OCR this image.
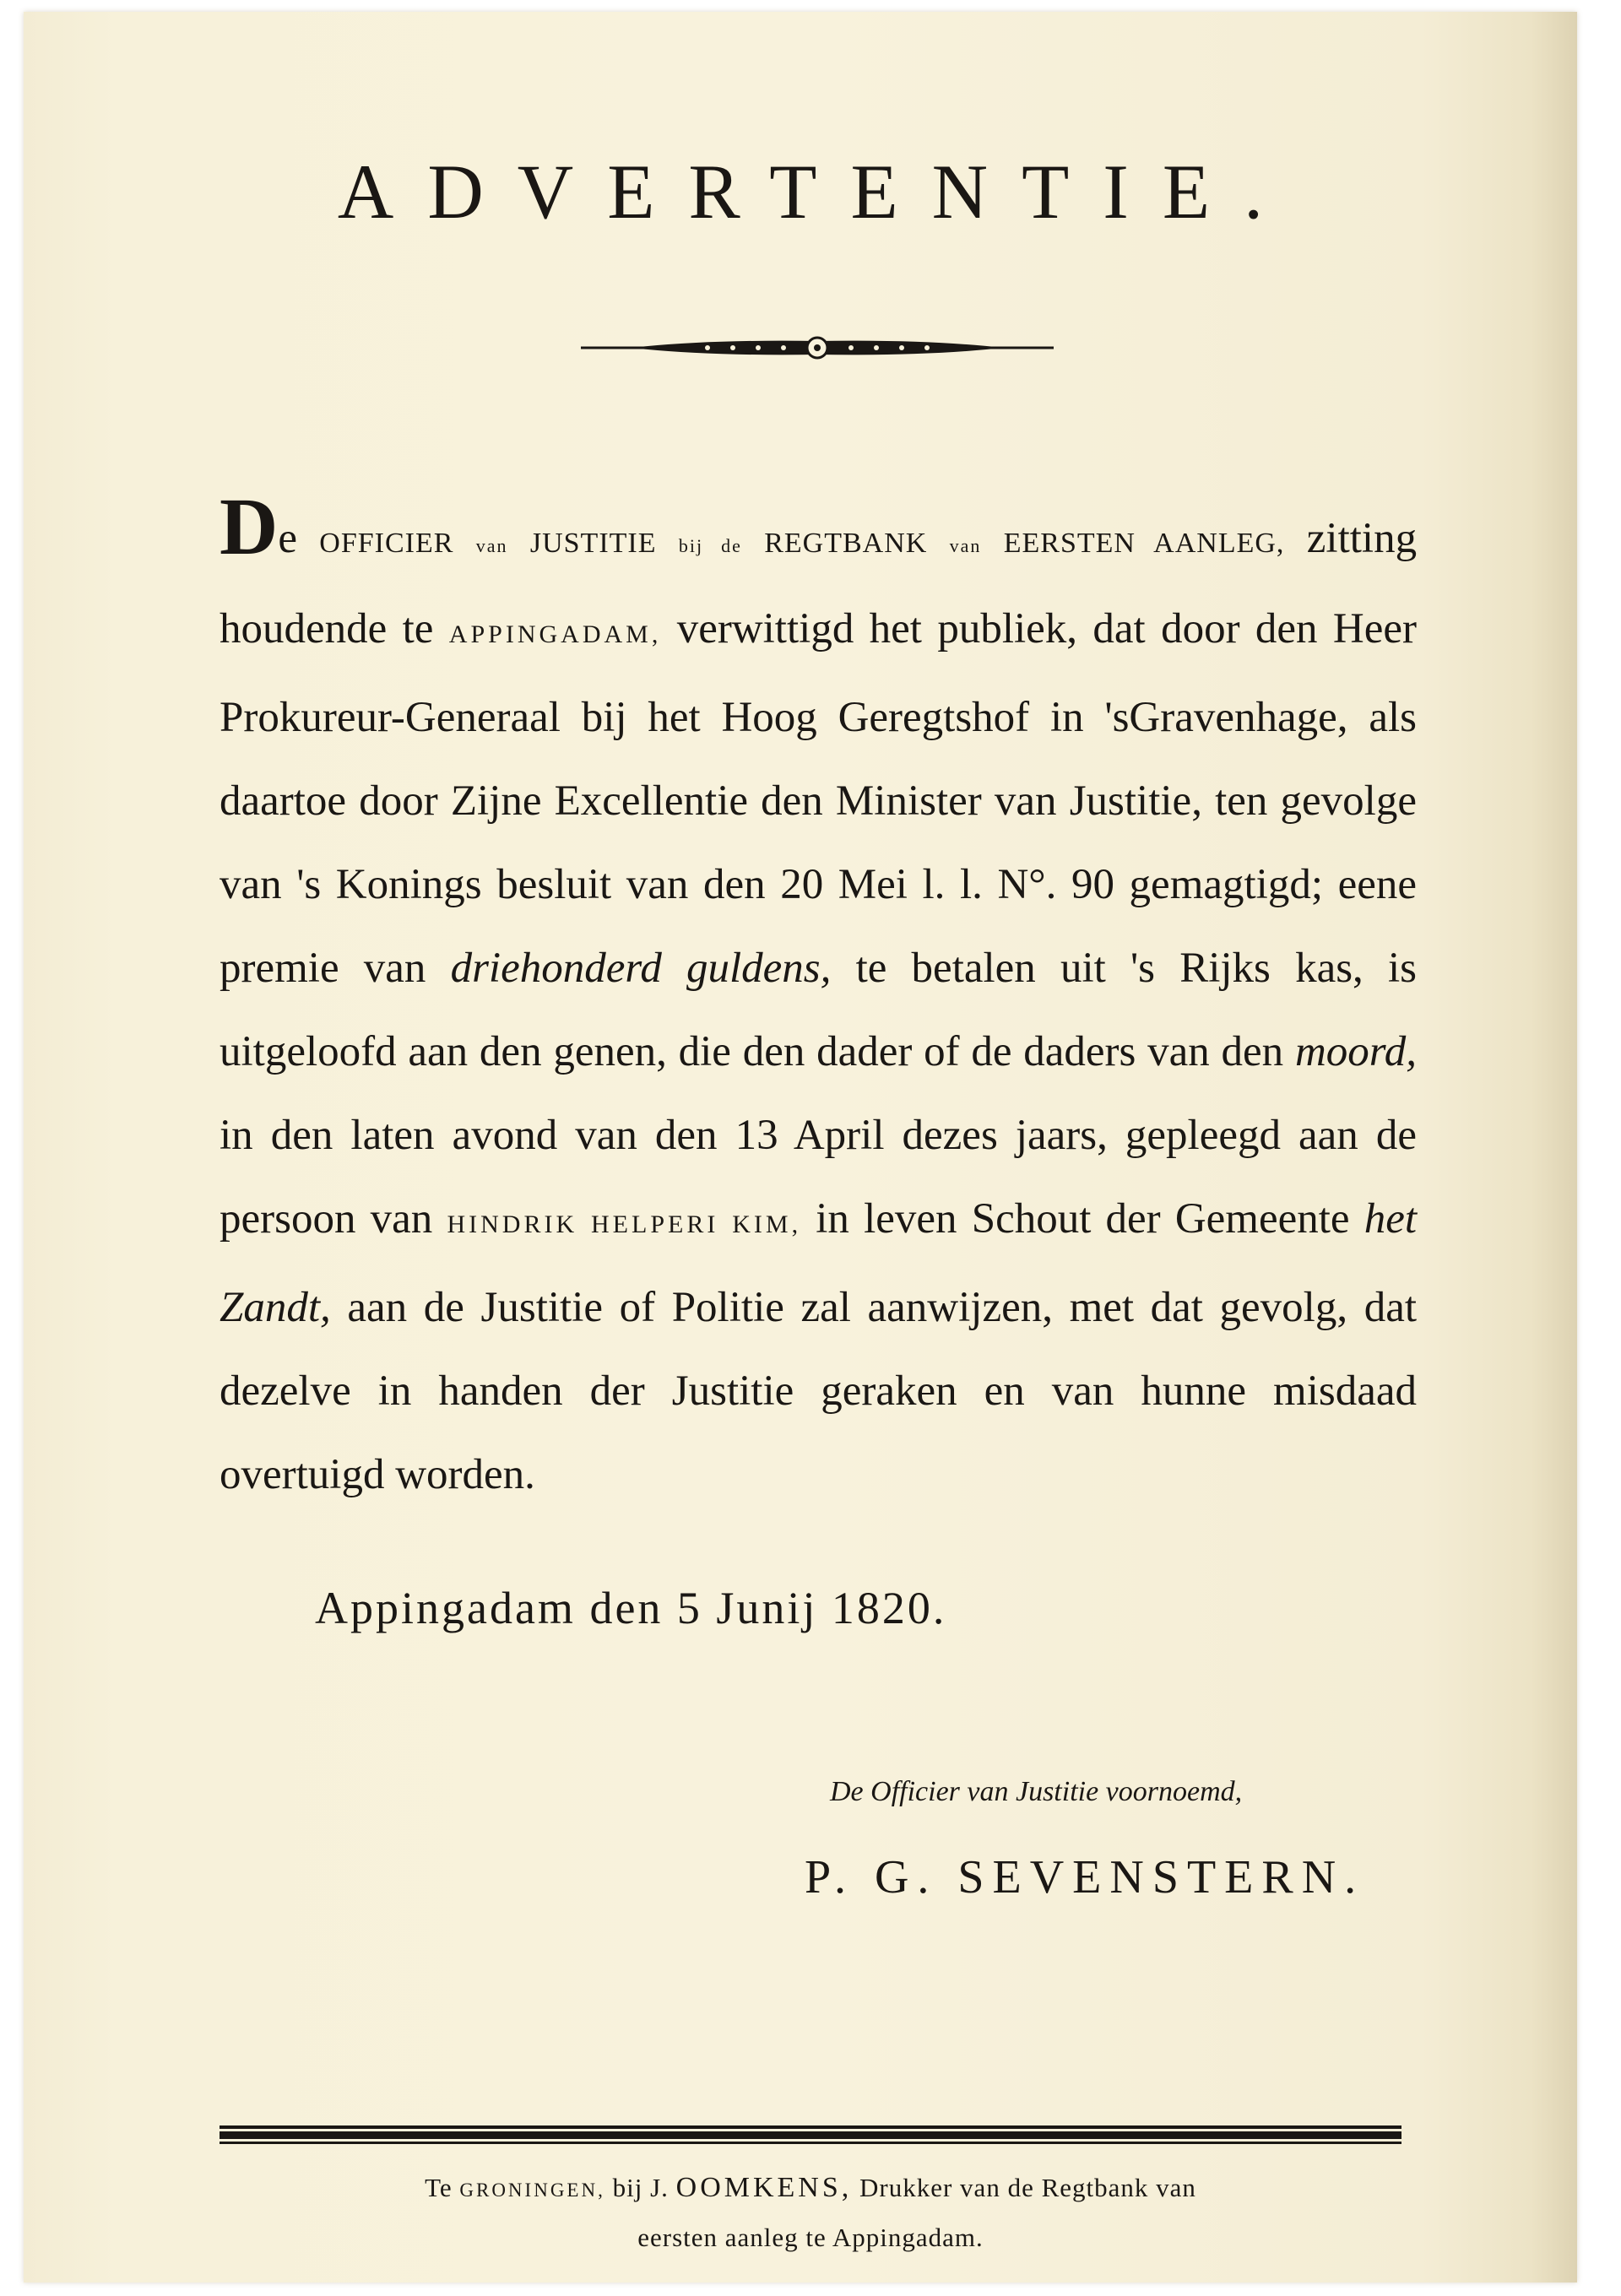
ADVERTENTIE.
De OFFICIER van JUSTITIE bij de REGTBANK van EERSTEN AANLEG, zitting houdende te APPINGADAM, verwittigd het publiek, dat door den Heer Prokureur-Generaal bij het Hoog Geregtshof in 'sGravenhage, als daartoe door Zijne Excellentie den Minister van Justitie, ten gevolge van 's Konings besluit van den 20 Mei l. l. N°. 90 gemagtigd; eene premie van driehonderd guldens, te betalen uit 's Rijks kas, is uitgeloofd aan den genen, die den dader of de daders van den moord, in den laten avond van den 13 April dezes jaars, gepleegd aan de persoon van HINDRIK HELPERI KIM, in leven Schout der Gemeente het Zandt, aan de Justitie of Politie zal aanwijzen, met dat gevolg, dat dezelve in handen der Justitie geraken en van hunne misdaad overtuigd worden.
Appingadam den 5 Junij 1820.
De Officier van Justitie voornoemd,
P. G. SEVENSTERN.
Te GRONINGEN, bij J. OOMKENS, Drukker van de Regtbank van
eersten aanleg te Appingadam.
